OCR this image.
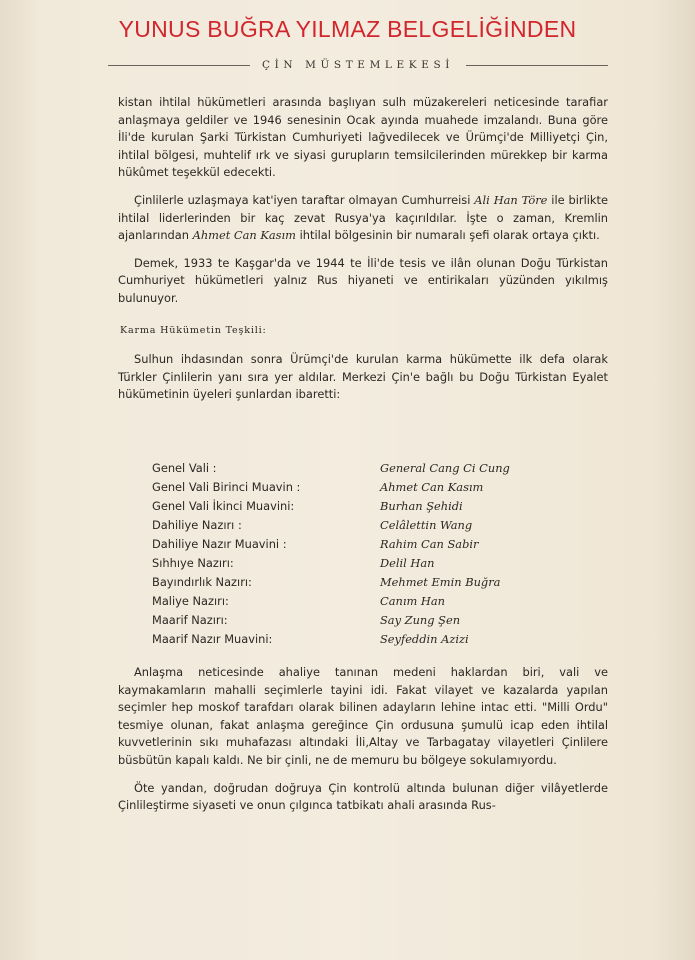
YUNUS BUĞRA YILMAZ BELGELİĞİNDEN
ÇİN MÜSTEMLEKESİ

kistan ihtilal hükümetleri arasında başlıyan sulh müzakereleri neticesinde tarafiar anlaşmaya geldiler ve 1946 senesinin Ocak ayında muahede imzalandı. Buna göre İli'de kurulan Şarki Türkistan Cumhuriyeti lağvedilecek ve Ürümçi'de Milliyetçi Çin, ihtilal bölgesi, muhtelif ırk ve siyasi gurupların temsilcilerinden mürekkep bir karma hükûmet teşekkül edecekti.

Çinlilerle uzlaşmaya kat'iyen taraftar olmayan Cumhurreisi Ali Han Töre ile birlikte ihtilal liderlerinden bir kaç zevat Rusya'ya kaçırıldılar. İşte o zaman, Kremlin ajanlarından Ahmet Can Kasım ihtilal bölgesinin bir numaralı şefi olarak ortaya çıktı.

Demek, 1933 te Kaşgar'da ve 1944 te İli'de tesis ve ilân olunan Doğu Türkistan Cumhuriyet hükümetleri yalnız Rus hiyaneti ve entirikaları yüzünden yıkılmış bulunuyor.

Karma Hükümetin Teşkili:

Sulhun ihdasından sonra Ürümçi'de kurulan karma hükümette ilk defa olarak Türkler Çinlilerin yanı sıra yer aldılar. Merkezi Çin'e bağlı bu Doğu Türkistan Eyalet hükümetinin üyeleri şunlardan ibaretti:

Genel Vali :	General Cang Ci Cung
Genel Vali Birinci Muavin :	Ahmet Can Kasım
Genel Vali İkinci Muavini:	Burhan Şehidi
Dahiliye Nazırı :	Celâlettin Wang
Dahiliye Nazır Muavini :	Rahim Can Sabir
Sıhhıye Nazırı:	Delil Han
Bayındırlık Nazırı:	Mehmet Emin Buğra
Maliye Nazırı:	Canım Han
Maarif Nazırı:	Say Zung Şen
Maarif Nazır Muavini:	Seyfeddin Azizi

Anlaşma neticesinde ahaliye tanınan medeni haklardan biri, vali ve kaymakamların mahalli seçimlerle tayini idi. Fakat vilayet ve kazalarda yapılan seçimler hep moskof tarafdarı olarak bilinen adayların lehine intac etti. "Milli Ordu" tesmiye olunan, fakat anlaşma gereğince Çin ordusuna şumulü icap eden ihtilal kuvvetlerinin sıkı muhafazası altındaki İli,Altay ve Tarbagatay vilayetleri Çinlilere büsbütün kapalı kaldı. Ne bir çinli, ne de memuru bu bölgeye sokulamıyordu.

Öte yandan, doğrudan doğruya Çin kontrolü altında bulunan diğer vilâyetlerde Çinlileştirme siyaseti ve onun çılgınca tatbikatı ahali arasında Rus-
